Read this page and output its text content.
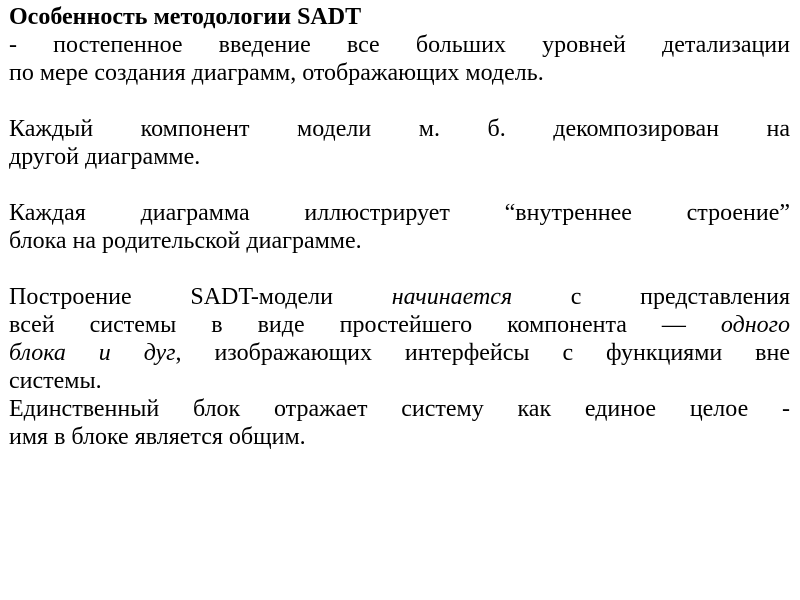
Особенность методологии SADT
- постепенное введение все больших уровней детализации
по мере создания диаграмм, отображающих модель.
Каждый компонент модели м. б. декомпозирован на
другой диаграмме.
Каждая диаграмма иллюстрирует “внутреннее строение”
блока на родительской диаграмме.
Построение SADT-модели начинается с представления
всей системы в виде простейшего компонента — одного
блока и дуг, изображающих интерфейсы с функциями вне
системы.
Единственный блок отражает систему как единое целое -
имя в блоке является общим.
